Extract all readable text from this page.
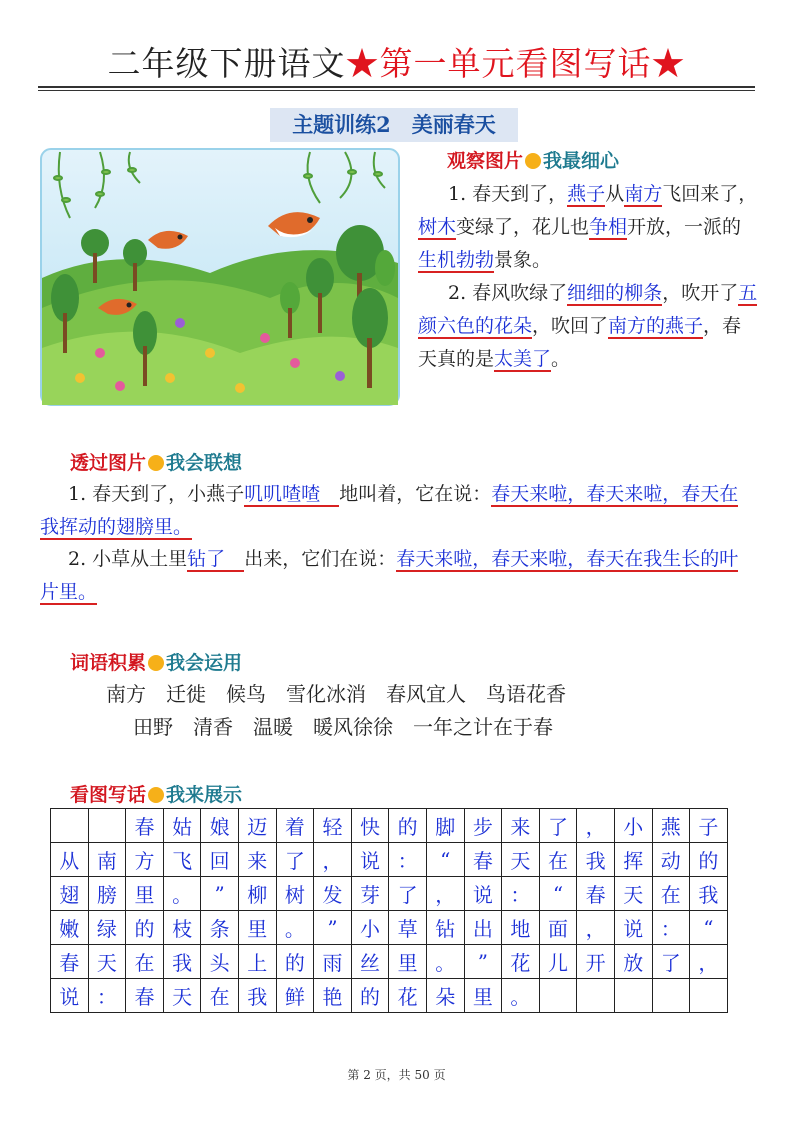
二年级下册语文★第一单元看图写话★
主题训练2　美丽春天
观察图片 我最细心
1. 春天到了，燕子从南方飞回来了，树木变绿了，花儿也争相开放，一派的生机勃勃景象。
2. 春风吹绿了细细的柳条，吹开了五颜六色的花朵，吹回了南方的燕子，春天真的是太美了。
透过图片 我会联想
1. 春天到了，小燕子叽叽喳喳　地叫着，它在说：春天来啦，春天来啦，春天在我挥动的翅膀里。
2. 小草从土里钻了　出来，它们在说：春天来啦，春天来啦，春天在我生长的叶片里。
词语积累 我会运用
南方　迁徙　候鸟　雪化冰消　春风宜人　鸟语花香
田野　清香　温暖　暖风徐徐　一年之计在于春
看图写话 我来展示
		春	姑	娘	迈	着	轻	快	的	脚	步	来	了	，	小	燕	子
从	南	方	飞	回	来	了	，	说	：	“	春	天	在	我	挥	动	的
翅	膀	里	。	”	柳	树	发	芽	了	，	说	：	“	春	天	在	我
嫩	绿	的	枝	条	里	。	”	小	草	钻	出	地	面	，	说	：	“
春	天	在	我	头	上	的	雨	丝	里	。	”	花	儿	开	放	了	，
说	：	春	天	在	我	鲜	艳	的	花	朵	里	。					
第 2 页，共 50 页
